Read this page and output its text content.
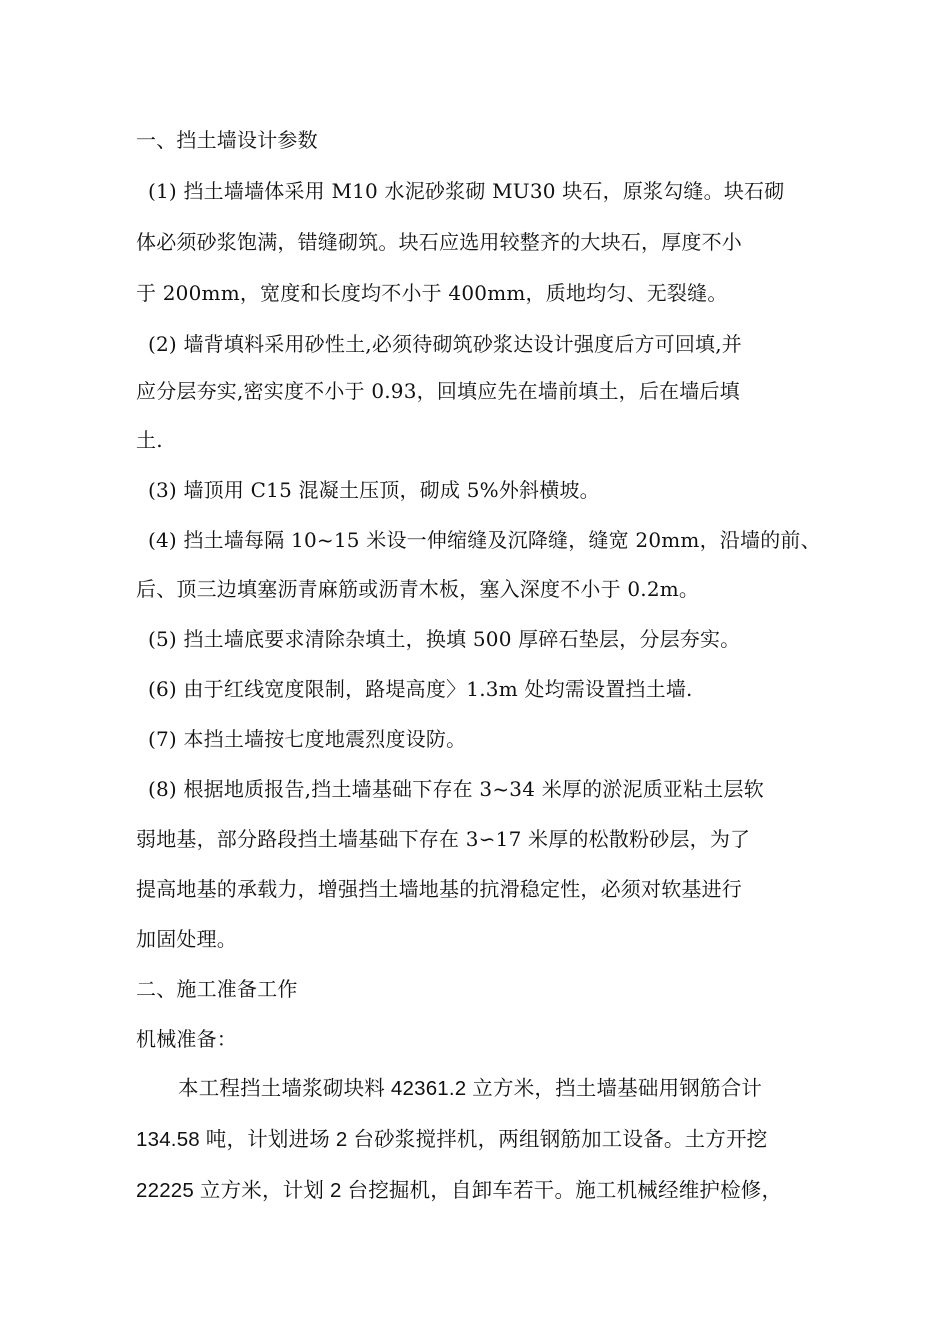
一、挡土墙设计参数
(1) 挡土墙墙体采用 M10 水泥砂浆砌 MU30 块石，原浆勾缝。块石砌
体必须砂浆饱满，错缝砌筑。块石应选用较整齐的大块石，厚度不小
于 200mm，宽度和长度均不小于 400mm，质地均匀、无裂缝。
(2) 墙背填料采用砂性土,必须待砌筑砂浆达设计强度后方可回填,并
应分层夯实,密实度不小于 0.93，回填应先在墙前填土，后在墙后填
土.
(3) 墙顶用 C15 混凝土压顶，砌成 5%外斜横坡。
(4) 挡土墙每隔 10~15 米设一伸缩缝及沉降缝，缝宽 20mm，沿墙的前、
后、顶三边填塞沥青麻筋或沥青木板，塞入深度不小于 0.2m。
(5) 挡土墙底要求清除杂填土，换填 500 厚碎石垫层，分层夯实。
(6) 由于红线宽度限制，路堤高度〉1.3m 处均需设置挡土墙.
(7) 本挡土墙按七度地震烈度设防。
(8) 根据地质报告,挡土墙基础下存在 3~34 米厚的淤泥质亚粘土层软
弱地基，部分路段挡土墙基础下存在 3∽17 米厚的松散粉砂层，为了
提高地基的承载力，增强挡土墙地基的抗滑稳定性，必须对软基进行
加固处理。
二、施工准备工作
机械准备：
本工程挡土墙浆砌块料 42361.2 立方米，挡土墙基础用钢筋合计
134.58 吨，计划进场 2 台砂浆搅拌机，两组钢筋加工设备。土方开挖
22225 立方米，计划 2 台挖掘机，自卸车若干。施工机械经维护检修，
